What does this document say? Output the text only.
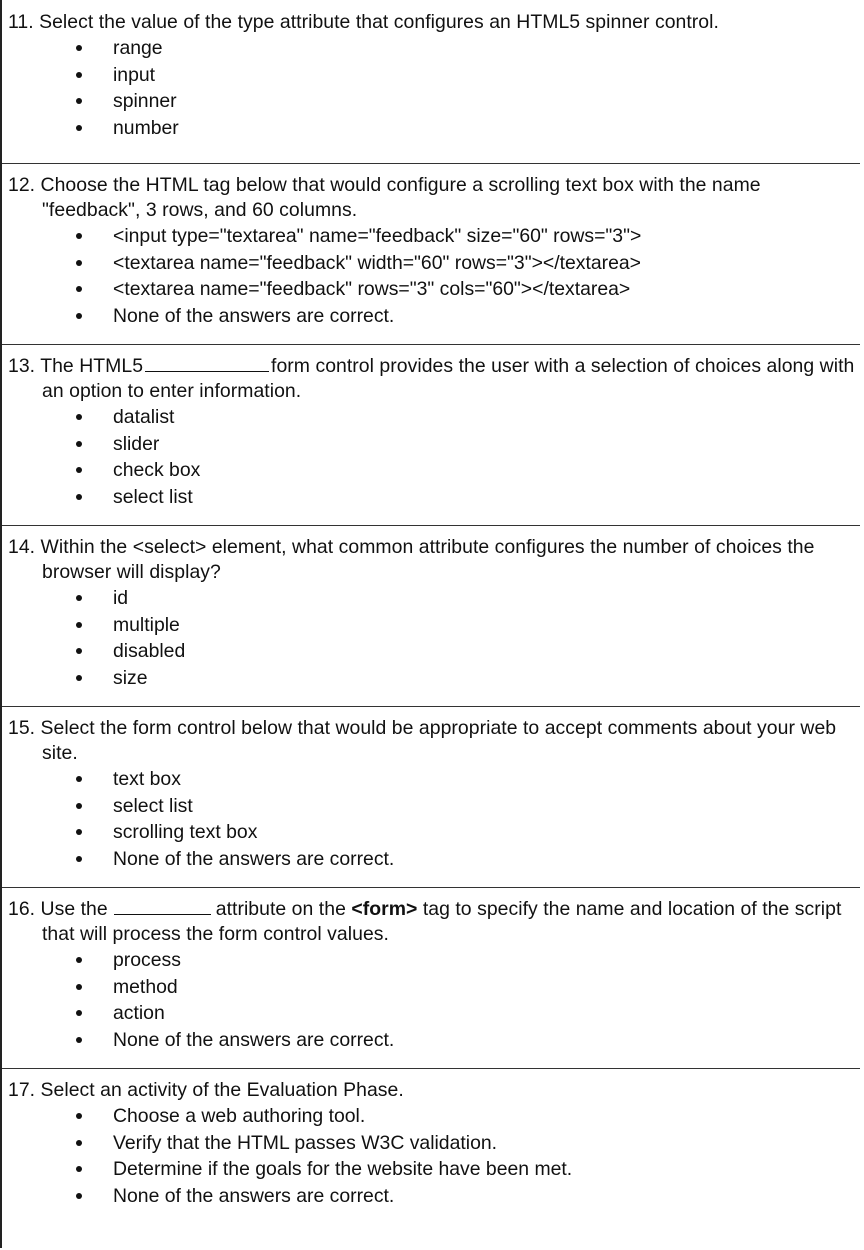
11. Select the value of the type attribute that configures an HTML5 spinner control.

range
input
spinner
number

12. Choose the HTML tag below that would configure a scrolling text box with the name "feedback", 3 rows, and 60 columns.

<input type="textarea" name="feedback" size="60" rows="3">
<textarea name="feedback" width="60" rows="3"></textarea>
<textarea name="feedback" rows="3" cols="60"></textarea>
None of the answers are correct.

13. The HTML5	form control provides the user with a selection of choices along with an option to enter information.

datalist
slider
check box
select list

14. Within the <select> element, what common attribute configures the number of choices the browser will display?

id
multiple
disabled
size

15. Select the form control below that would be appropriate to accept comments about your web site.

text box
select list
scrolling text box
None of the answers are correct.

16. Use the	attribute on the <form> tag to specify the name and location of the script that will process the form control values.

process
method
action
None of the answers are correct.

17. Select an activity of the Evaluation Phase.

Choose a web authoring tool.
Verify that the HTML passes W3C validation.
Determine if the goals for the website have been met.
None of the answers are correct.
